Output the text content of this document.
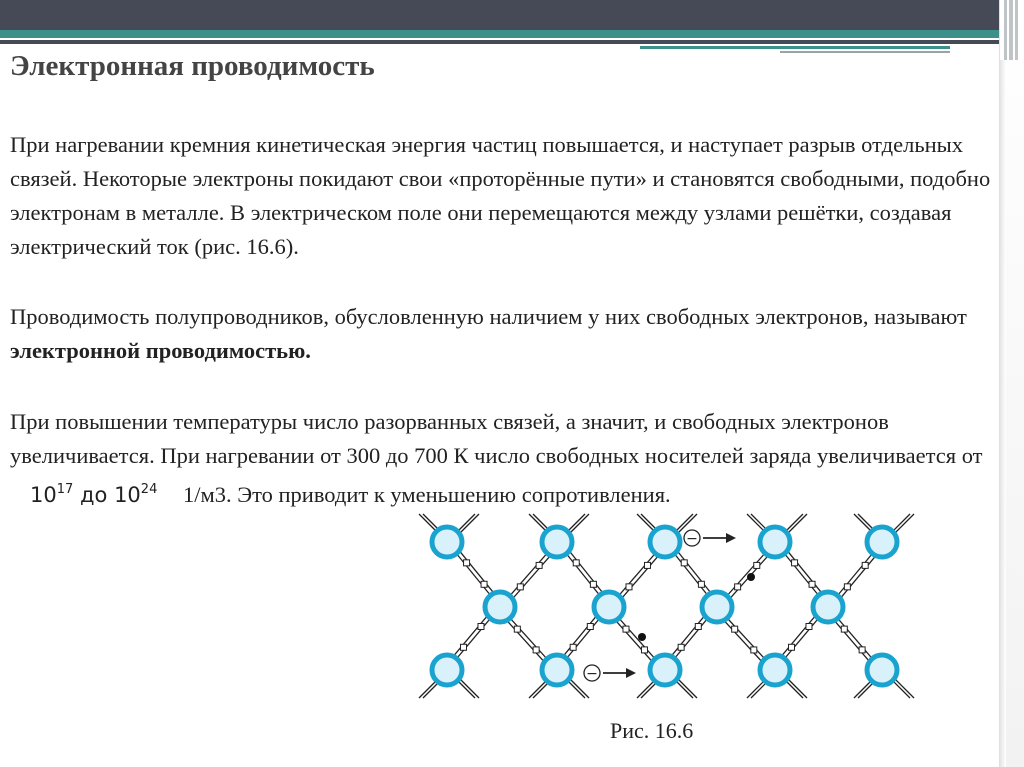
Электронная проводимость
При нагревании кремния кинетическая энергия частиц повышается, и наступает разрыв отдельных связей. Некоторые электроны покидают свои «проторённые пути» и становятся свободными, подобно электронам в металле. В электрическом поле они перемещаются между узлами решётки, создавая электрический ток (рис. 16.6).
Проводимость полупроводников, обусловленную наличием у них свободных электронов, называют электронной проводимостью.
При повышении температуры число разорванных связей, а значит, и свободных электронов увеличивается. При нагревании от 300 до 700 К число свободных носителей заряда увеличивается от    $10^{17}$ до $10^{24}$    1/м3. Это приводит к уменьшению сопротивления.
−
−
Рис. 16.6
